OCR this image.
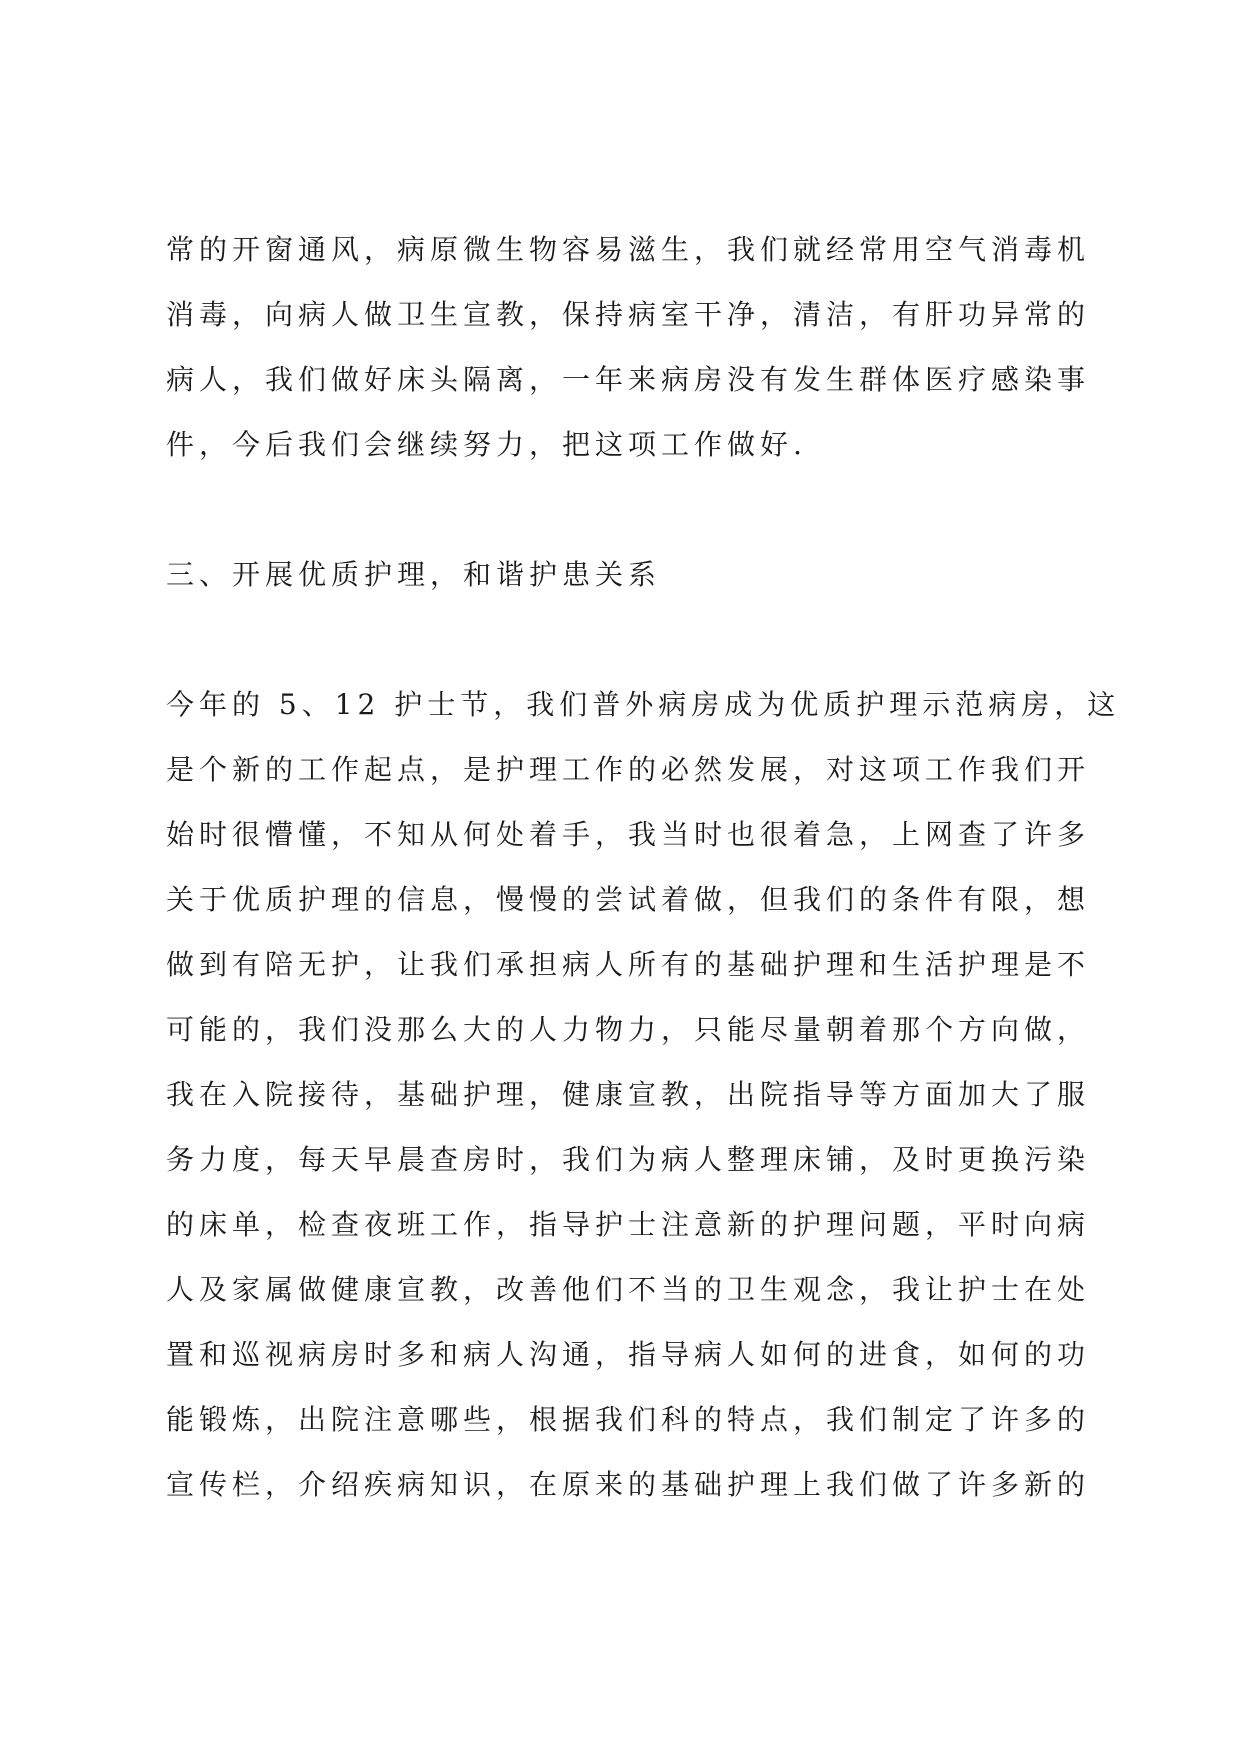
常的开窗通风，病原微生物容易滋生，我们就经常用空气消毒机
消毒，向病人做卫生宣教，保持病室干净，清洁，有肝功异常的
病人，我们做好床头隔离，一年来病房没有发生群体医疗感染事
件，今后我们会继续努力，把这项工作做好.
三、开展优质护理，和谐护患关系
今年的 5、12 护士节，我们普外病房成为优质护理示范病房，这
是个新的工作起点，是护理工作的必然发展，对这项工作我们开
始时很懵懂，不知从何处着手，我当时也很着急，上网查了许多
关于优质护理的信息，慢慢的尝试着做，但我们的条件有限，想
做到有陪无护，让我们承担病人所有的基础护理和生活护理是不
可能的，我们没那么大的人力物力，只能尽量朝着那个方向做，
我在入院接待，基础护理，健康宣教，出院指导等方面加大了服
务力度，每天早晨查房时，我们为病人整理床铺，及时更换污染
的床单，检查夜班工作，指导护士注意新的护理问题，平时向病
人及家属做健康宣教，改善他们不当的卫生观念，我让护士在处
置和巡视病房时多和病人沟通，指导病人如何的进食，如何的功
能锻炼，出院注意哪些，根据我们科的特点，我们制定了许多的
宣传栏，介绍疾病知识，在原来的基础护理上我们做了许多新的
